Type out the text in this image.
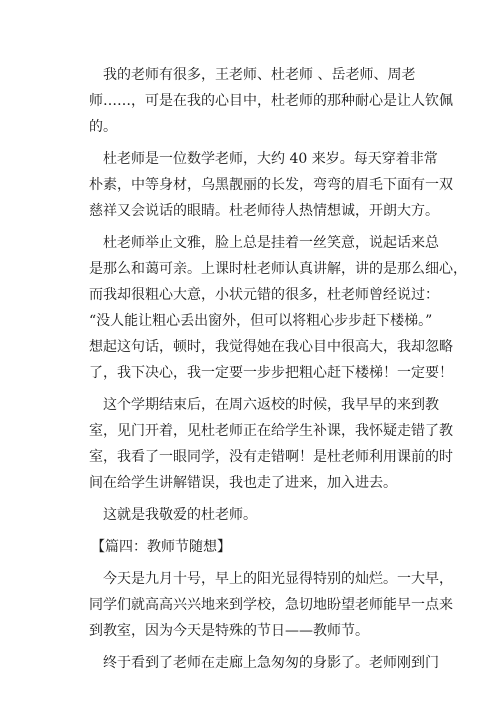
我的老师有很多，王老师、杜老师 、岳老师、周老
师……，可是在我的心目中，杜老师的那种耐心是让人钦佩
的。
杜老师是一位数学老师，大约 40 来岁。每天穿着非常
朴素，中等身材，乌黑靓丽的长发，弯弯的眉毛下面有一双
慈祥又会说话的眼睛。杜老师待人热情想诚，开朗大方。
杜老师举止文雅，脸上总是挂着一丝笑意，说起话来总
是那么和蔼可亲。上课时杜老师认真讲解，讲的是那么细心，
而我却很粗心大意，小状元错的很多，杜老师曾经说过：
“没人能让粗心丢出窗外，但可以将粗心步步赶下楼梯。”
想起这句话，顿时，我觉得她在我心目中很高大，我却忽略
了，我下决心，我一定要一步步把粗心赶下楼梯！一定要！
这个学期结束后，在周六返校的时候，我早早的来到教
室，见门开着，见杜老师正在给学生补课，我怀疑走错了教
室，我看了一眼同学，没有走错啊！是杜老师利用课前的时
间在给学生讲解错误，我也走了进来，加入进去。
这就是我敬爱的杜老师。
【篇四：教师节随想】
今天是九月十号，早上的阳光显得特别的灿烂。一大早，
同学们就高高兴兴地来到学校，急切地盼望老师能早一点来
到教室，因为今天是特殊的节日——教师节。
终于看到了老师在走廊上急匆匆的身影了。老师刚到门
